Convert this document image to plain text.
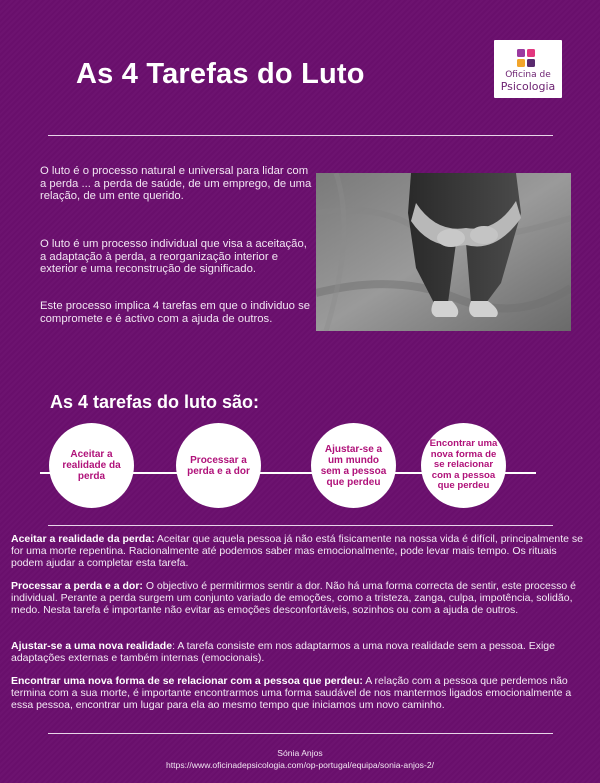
As 4 Tarefas do Luto	Oficina de
Psicologia
O luto é o processo natural e universal para lidar com a perda ... a perda de saúde, de um emprego, de uma relação, de um ente querido.
O luto é um processo individual que visa a aceitação, a adaptação à perda, a reorganização interior e exterior e uma reconstrução de significado.
Este processo implica 4 tarefas em que o individuo se compromete e é activo com a ajuda de outros.
As 4 tarefas do luto são:
Aceitar a realidade da perda
Processar a perda e a dor
Ajustar-se a um mundo sem a pessoa que perdeu
Encontrar uma nova forma de se relacionar com a pessoa que perdeu
Aceitar a realidade da perda: Aceitar que aquela pessoa já não está fisicamente na nossa vida é difícil, principalmente se for uma morte repentina. Racionalmente até podemos saber mas emocionalmente, pode levar mais tempo. Os rituais podem ajudar a completar esta tarefa.
Processar a perda e a dor: O objectivo é permitirmos sentir a dor. Não há uma forma correcta de sentir, este processo é individual. Perante a perda surgem um conjunto variado de emoções, como a tristeza, zanga, culpa, impotência, solidão, medo. Nesta tarefa é importante não evitar as emoções desconfortáveis, sozinhos ou com a ajuda de outros.
Ajustar-se a uma nova realidade: A tarefa consiste em nos adaptarmos a uma nova realidade sem a pessoa. Exige adaptações externas e também internas (emocionais).
Encontrar uma nova forma de se relacionar com a pessoa que perdeu: A relação com a pessoa que perdemos não termina com a sua morte, é importante encontrarmos uma forma saudável de nos mantermos ligados emocionalmente a essa pessoa, encontrar um lugar para ela ao mesmo tempo que iniciamos um novo caminho.
Sónia Anjos
https://www.oficinadepsicologia.com/op-portugal/equipa/sonia-anjos-2/
